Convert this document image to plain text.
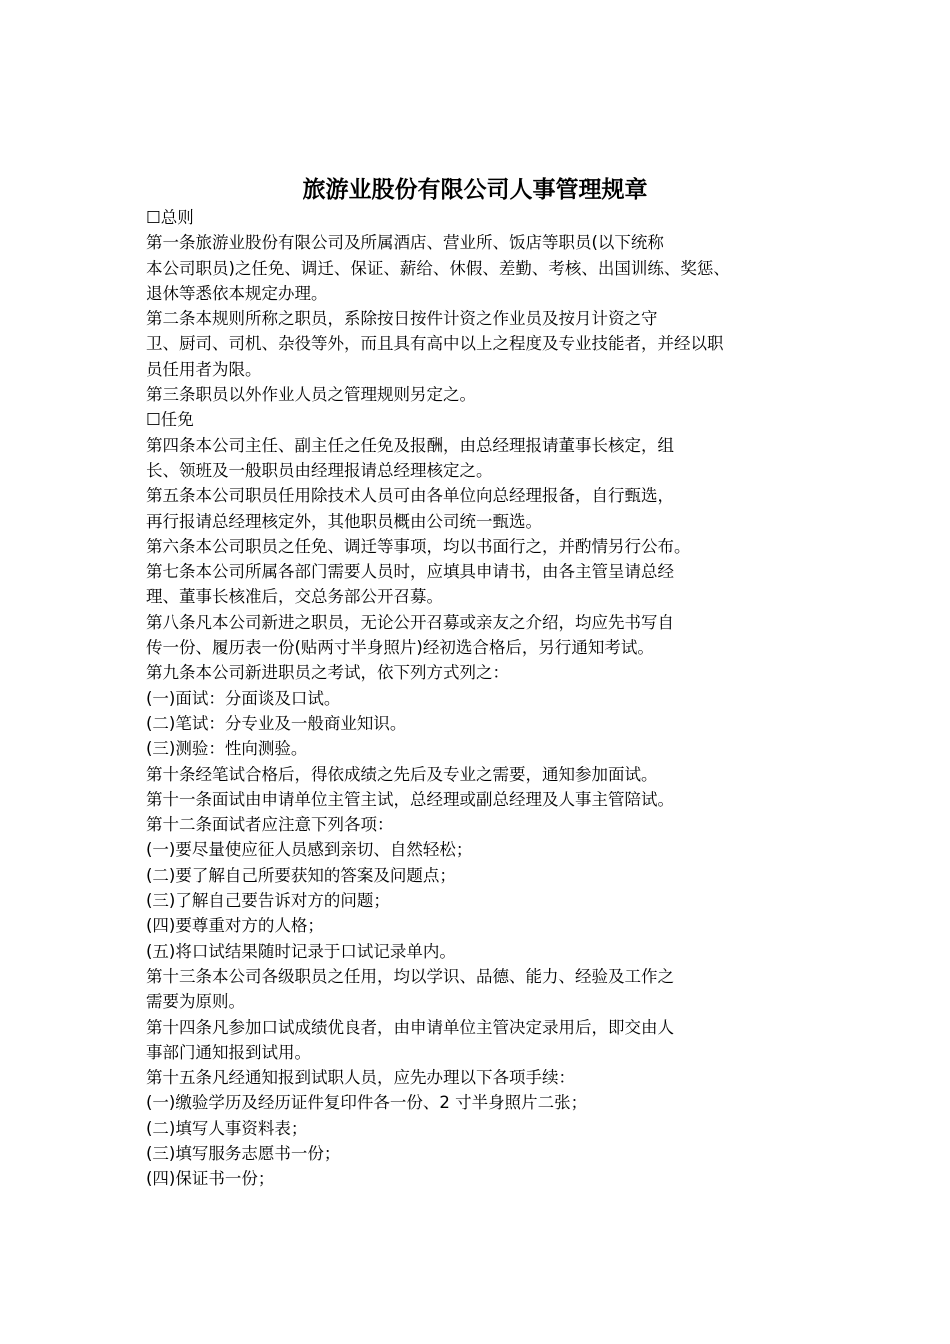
旅游业股份有限公司人事管理规章

☐总则

第一条旅游业股份有限公司及所属酒店、营业所、饭店等职员(以下统称

本公司职员)之任免、调迁、保证、薪给、休假、差勤、考核、出国训练、奖惩、

退休等悉依本规定办理。

第二条本规则所称之职员，系除按日按件计资之作业员及按月计资之守

卫、厨司、司机、杂役等外，而且具有高中以上之程度及专业技能者，并经以职

员任用者为限。

第三条职员以外作业人员之管理规则另定之。

☐任免

第四条本公司主任、副主任之任免及报酬，由总经理报请董事长核定，组

长、领班及一般职员由经理报请总经理核定之。

第五条本公司职员任用除技术人员可由各单位向总经理报备，自行甄选，

再行报请总经理核定外，其他职员概由公司统一甄选。

第六条本公司职员之任免、调迁等事项，均以书面行之，并酌情另行公布。

第七条本公司所属各部门需要人员时，应填具申请书，由各主管呈请总经

理、董事长核准后，交总务部公开召募。

第八条凡本公司新进之职员，无论公开召募或亲友之介绍，均应先书写自

传一份、履历表一份(贴两寸半身照片)经初选合格后，另行通知考试。

第九条本公司新进职员之考试，依下列方式列之：

(一)面试：分面谈及口试。

(二)笔试：分专业及一般商业知识。

(三)测验：性向测验。

第十条经笔试合格后，得依成绩之先后及专业之需要，通知参加面试。

第十一条面试由申请单位主管主试，总经理或副总经理及人事主管陪试。

第十二条面试者应注意下列各项：

(一)要尽量使应征人员感到亲切、自然轻松；

(二)要了解自己所要获知的答案及问题点；

(三)了解自己要告诉对方的问题；

(四)要尊重对方的人格；

(五)将口试结果随时记录于口试记录单内。

第十三条本公司各级职员之任用，均以学识、品德、能力、经验及工作之

需要为原则。

第十四条凡参加口试成绩优良者，由申请单位主管决定录用后，即交由人

事部门通知报到试用。

第十五条凡经通知报到试职人员，应先办理以下各项手续：

(一)缴验学历及经历证件复印件各一份、2 寸半身照片二张；

(二)填写人事资料表；

(三)填写服务志愿书一份；

(四)保证书一份；
